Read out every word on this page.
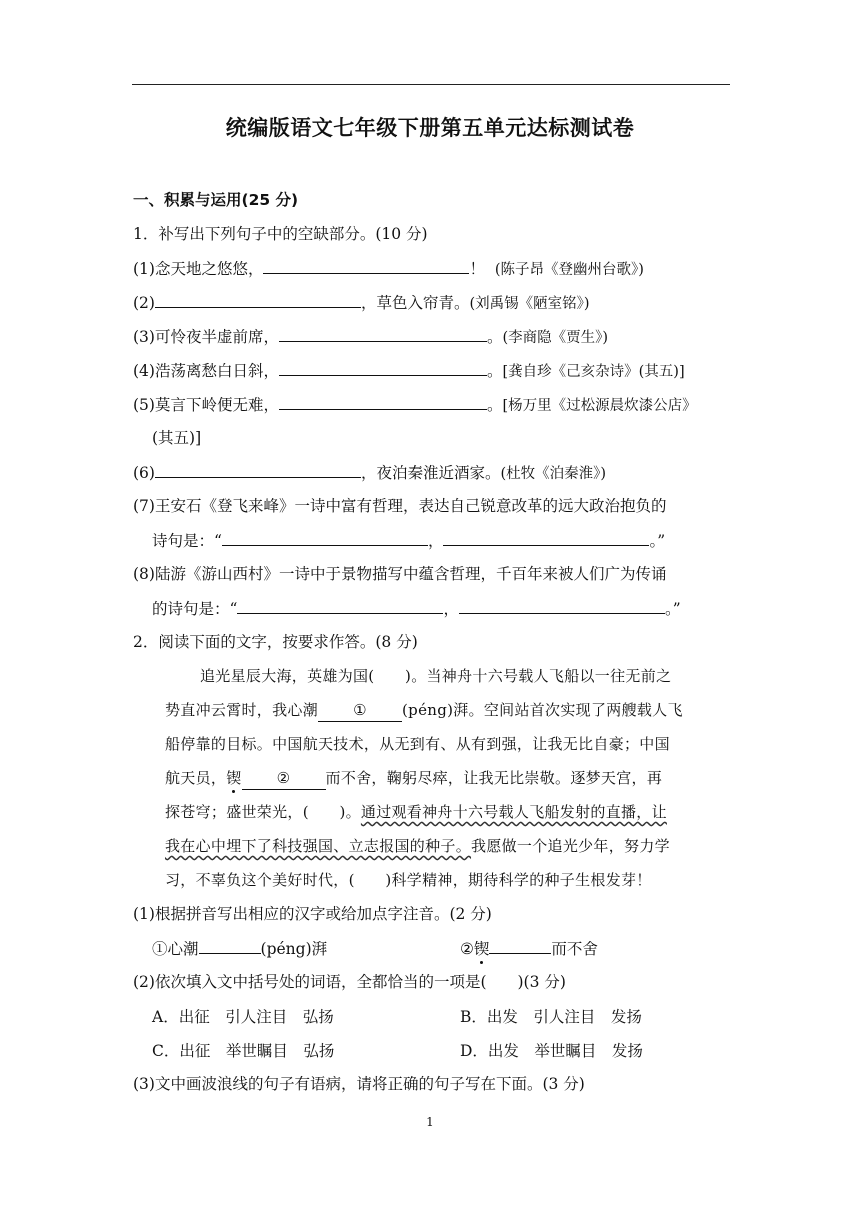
统编版语文七年级下册第五单元达标测试卷
一、积累与运用(25 分)
1．补写出下列句子中的空缺部分。(10 分)
(1)念天地之悠悠，	！ (陈子昂《登幽州台歌》)
(2)	，草色入帘青。(刘禹锡《陋室铭》)
(3)可怜夜半虚前席，	。(李商隐《贾生》)
(4)浩荡离愁白日斜，	。[龚自珍《己亥杂诗》(其五)]
(5)莫言下岭便无难，	。[杨万里《过松源晨炊漆公店》
(其五)]
(6)	，夜泊秦淮近酒家。(杜牧《泊秦淮》)
(7)王安石《登飞来峰》一诗中富有哲理，表达自己锐意改革的远大政治抱负的
诗句是：“	，	。”
(8)陆游《游山西村》一诗中于景物描写中蕴含哲理，千百年来被人们广为传诵
的诗句是：“	，	。”
2．阅读下面的文字，按要求作答。(8 分)
追光星辰大海，英雄为国(　　)。当神舟十六号载人飞船以一往无前之
势直冲云霄时，我心潮 ① (péng)湃。空间站首次实现了两艘载人飞
船停靠的目标。中国航天技术，从无到有、从有到强，让我无比自豪；中国
航天员，锲 ② 而不舍，鞠躬尽瘁，让我无比崇敬。逐梦天宫，再
探苍穹；盛世荣光，(　　)。通过观看神舟十六号载人飞船发射的直播，让
我在心中埋下了科技强国、立志报国的种子。我愿做一个追光少年，努力学
习，不辜负这个美好时代，(　　)科学精神，期待科学的种子生根发芽！
(1)根据拼音写出相应的汉字或给加点字注音。(2 分)
①心潮	(péng)湃	②锲	而不舍
(2)依次填入文中括号处的词语，全都恰当的一项是(　　)(3 分)
A．出征　引人注目　弘扬	B．出发　引人注目　发扬
C．出征　举世瞩目　弘扬	D．出发　举世瞩目　发扬
(3)文中画波浪线的句子有语病，请将正确的句子写在下面。(3 分)
1
